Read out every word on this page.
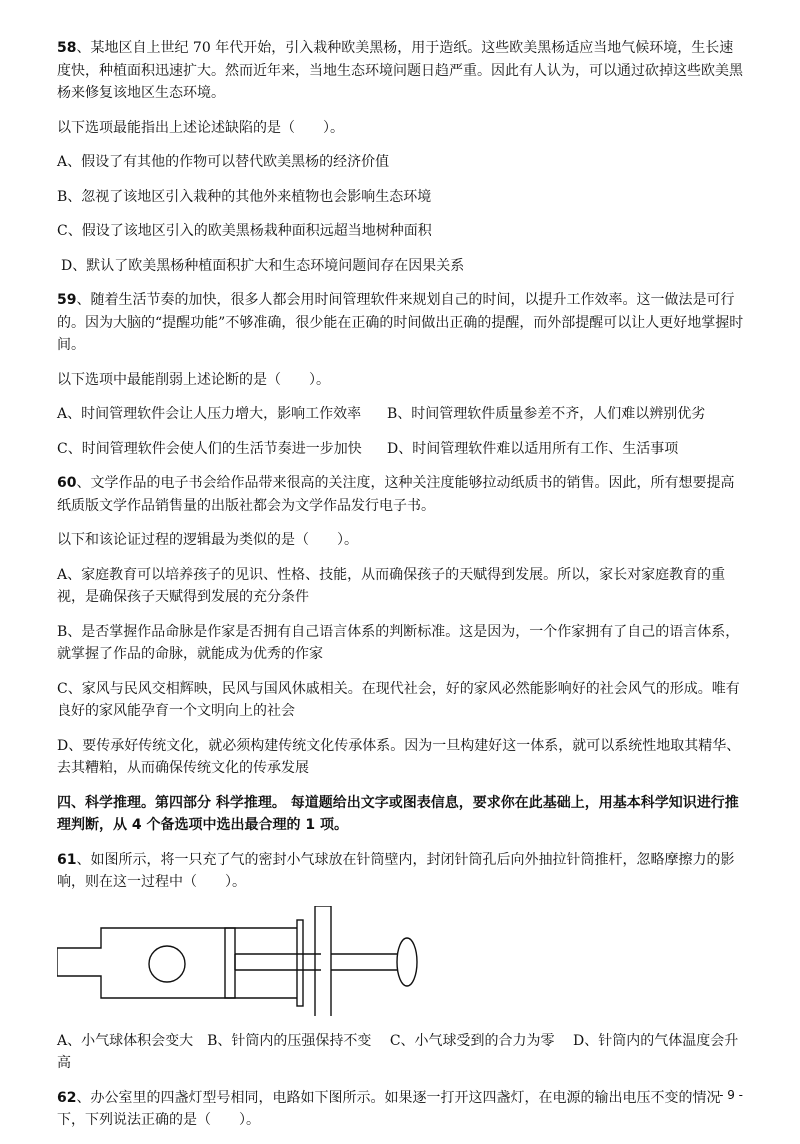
58、某地区自上世纪 70 年代开始，引入栽种欧美黑杨，用于造纸。这些欧美黑杨适应当地气候环境，生长速度快，种植面积迅速扩大。然而近年来，当地生态环境问题日趋严重。因此有人认为，可以通过砍掉这些欧美黑杨来修复该地区生态环境。

以下选项最能指出上述论述缺陷的是（　　）。

A、假设了有其他的作物可以替代欧美黑杨的经济价值

B、忽视了该地区引入栽种的其他外来植物也会影响生态环境

C、假设了该地区引入的欧美黑杨栽种面积远超当地树种面积

D、默认了欧美黑杨种植面积扩大和生态环境问题间存在因果关系

59、随着生活节奏的加快，很多人都会用时间管理软件来规划自己的时间，以提升工作效率。这一做法是可行的。因为大脑的“提醒功能”不够准确，很少能在正确的时间做出正确的提醒，而外部提醒可以让人更好地掌握时间。

以下选项中最能削弱上述论断的是（　　）。

A、时间管理软件会让人压力增大，影响工作效率	B、时间管理软件质量参差不齐，人们难以辨别优劣

C、时间管理软件会使人们的生活节奏进一步加快	D、时间管理软件难以适用所有工作、生活事项

60、文学作品的电子书会给作品带来很高的关注度，这种关注度能够拉动纸质书的销售。因此，所有想要提高纸质版文学作品销售量的出版社都会为文学作品发行电子书。

以下和该论证过程的逻辑最为类似的是（　　）。

A、家庭教育可以培养孩子的见识、性格、技能，从而确保孩子的天赋得到发展。所以，家长对家庭教育的重视，是确保孩子天赋得到发展的充分条件

B、是否掌握作品命脉是作家是否拥有自己语言体系的判断标准。这是因为，一个作家拥有了自己的语言体系，就掌握了作品的命脉，就能成为优秀的作家

C、家风与民风交相辉映，民风与国风休戚相关。在现代社会，好的家风必然能影响好的社会风气的形成。唯有良好的家风能孕育一个文明向上的社会

D、要传承好传统文化，就必须构建传统文化传承体系。因为一旦构建好这一体系，就可以系统性地取其精华、去其糟粕，从而确保传统文化的传承发展

四、科学推理。第四部分 科学推理。 每道题给出文字或图表信息，要求你在此基础上，用基本科学知识进行推理判断，从 4 个备选项中选出最合理的 1 项。

61、如图所示，将一只充了气的密封小气球放在针筒壁内，封闭针筒孔后向外抽拉针筒推杆，忽略摩擦力的影响，则在这一过程中（　　）。

A、小气球体积会变大　B、针筒内的压强保持不变　 C、小气球受到的合力为零　 D、针筒内的气体温度会升高

62、办公室里的四盏灯型号相同，电路如下图所示。如果逐一打开这四盏灯，在电源的输出电压不变的情况下，下列说法正确的是（　　）。

- 9 -
